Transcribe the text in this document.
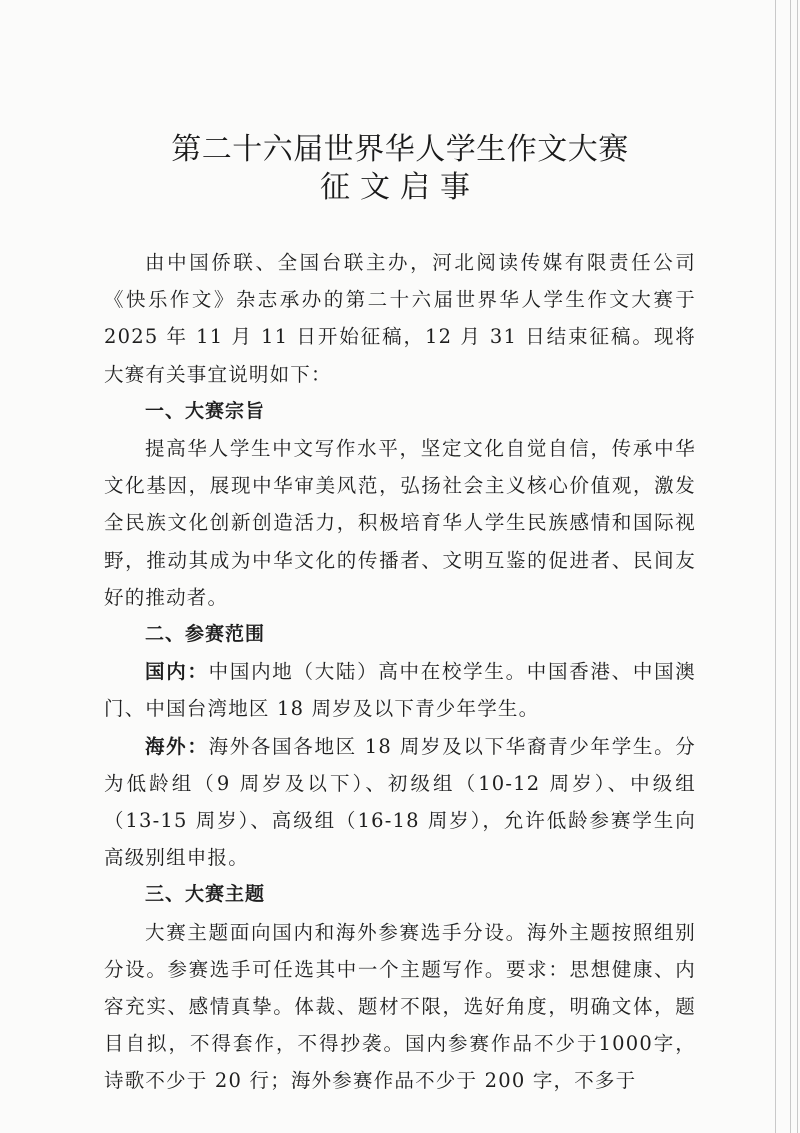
第二十六届世界华人学生作文大赛
征文启事

由中国侨联、全国台联主办，河北阅读传媒有限责任公司《快乐作文》杂志承办的第二十六届世界华人学生作文大赛于 2025 年 11 月 11 日开始征稿，12 月 31 日结束征稿。现将大赛有关事宜说明如下：

一、大赛宗旨

提高华人学生中文写作水平，坚定文化自觉自信，传承中华文化基因，展现中华审美风范，弘扬社会主义核心价值观，激发全民族文化创新创造活力，积极培育华人学生民族感情和国际视野，推动其成为中华文化的传播者、文明互鉴的促进者、民间友好的推动者。

二、参赛范围

国内：中国内地（大陆）高中在校学生。中国香港、中国澳门、中国台湾地区 18 周岁及以下青少年学生。

海外：海外各国各地区 18 周岁及以下华裔青少年学生。分为低龄组（9 周岁及以下）、初级组（10-12 周岁）、中级组（13-15 周岁）、高级组（16-18 周岁），允许低龄参赛学生向高级别组申报。

三、大赛主题

大赛主题面向国内和海外参赛选手分设。海外主题按照组别分设。参赛选手可任选其中一个主题写作。要求：思想健康、内容充实、感情真挚。体裁、题材不限，选好角度，明确文体，题目自拟，不得套作，不得抄袭。国内参赛作品不少于1000字，诗歌不少于 20 行；海外参赛作品不少于 200 字，不多于
